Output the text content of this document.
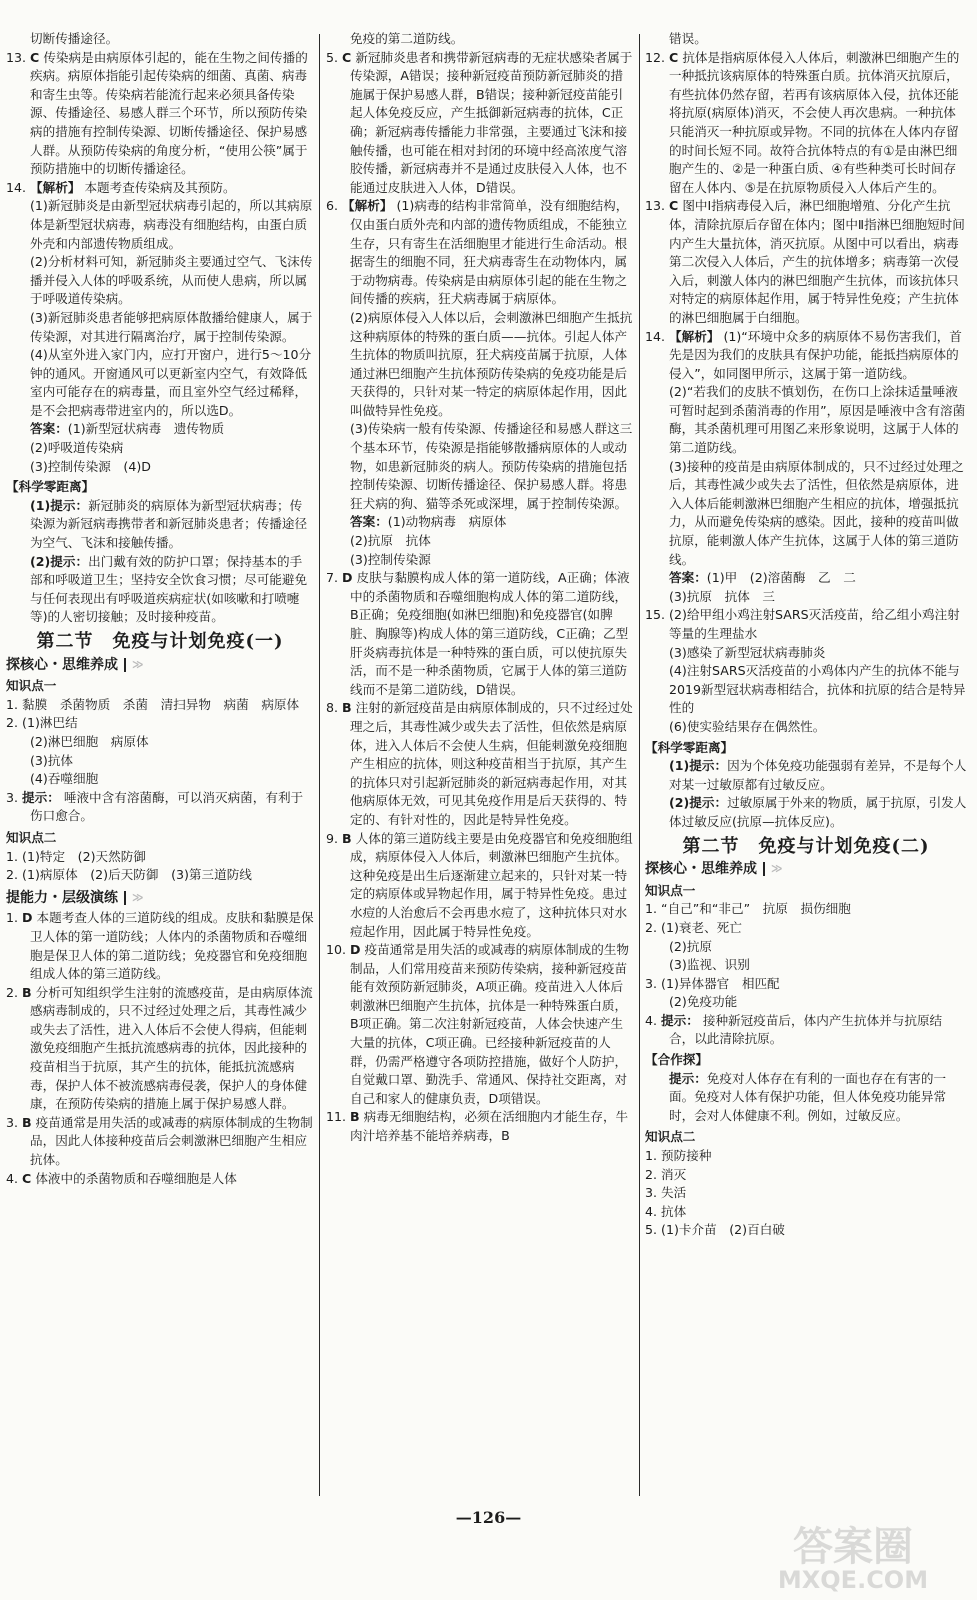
切断传播途径。

13. C 传染病是由病原体引起的，能在生物之间传播的疾病。病原体指能引起传染病的细菌、真菌、病毒和寄生虫等。传染病若能流行起来必须具备传染源、传播途径、易感人群三个环节，所以预防传染病的措施有控制传染源、切断传播途径、保护易感人群。从预防传染病的角度分析，“使用公筷”属于预防措施中的切断传播途径。

14. 【解析】 本题考查传染病及其预防。

(1)新冠肺炎是由新型冠状病毒引起的，所以其病原体是新型冠状病毒，病毒没有细胞结构，由蛋白质外壳和内部遗传物质组成。

(2)分析材料可知，新冠肺炎主要通过空气、飞沫传播并侵入人体的呼吸系统，从而使人患病，所以属于呼吸道传染病。

(3)新冠肺炎患者能够把病原体散播给健康人，属于传染源，对其进行隔离治疗，属于控制传染源。

(4)从室外进入家门内，应打开窗户，进行5～10分钟的通风。开窗通风可以更新室内空气，有效降低室内可能存在的病毒量，而且室外空气经过稀释，是不会把病毒带进室内的，所以选D。

答案：(1)新型冠状病毒　遗传物质

(2)呼吸道传染病

(3)控制传染源　(4)D

【 科学零距离 】

(1)提示：新冠肺炎的病原体为新型冠状病毒；传染源为新冠病毒携带者和新冠肺炎患者；传播途径为空气、飞沫和接触传播。

(2)提示：出门戴有效的防护口罩；保持基本的手部和呼吸道卫生；坚持安全饮食习惯；尽可能避免与任何表现出有呼吸道疾病症状(如咳嗽和打喷嚏等)的人密切接触；及时接种疫苗。

第二节　免疫与计划免疫(一)
探核心・思维养成 ≫
知识点一

1. 黏膜　杀菌物质　杀菌　清扫异物　病菌　病原体

2. (1)淋巴结

(2)淋巴细胞　病原体

(3)抗体

(4)吞噬细胞

3. 提示： 唾液中含有溶菌酶，可以消灭病菌，有利于伤口愈合。

知识点二

1. (1)特定　(2)天然防御

2. (1)病原体　(2)后天防御　(3)第三道防线

提能力・层级演练 ≫

1. D 本题考查人体的三道防线的组成。皮肤和黏膜是保卫人体的第一道防线；人体内的杀菌物质和吞噬细胞是保卫人体的第二道防线；免疫器官和免疫细胞组成人体的第三道防线。

2. B 分析可知组织学生注射的流感疫苗，是由病原体流感病毒制成的，只不过经过处理之后，其毒性减少或失去了活性，进入人体后不会使人得病，但能刺激免疫细胞产生抵抗流感病毒的抗体，因此接种的疫苗相当于抗原，其产生的抗体，能抵抗流感病毒，保护人体不被流感病毒侵袭，保护人的身体健康，在预防传染病的措施上属于保护易感人群。

3. B 疫苗通常是用失活的或减毒的病原体制成的生物制品，因此人体接种疫苗后会刺激淋巴细胞产生相应抗体。

4. C 体液中的杀菌物质和吞噬细胞是人体

免疫的第二道防线。

5. C 新冠肺炎患者和携带新冠病毒的无症状感染者属于传染源，A错误；接种新冠疫苗预防新冠肺炎的措施属于保护易感人群，B错误；接种新冠疫苗能引起人体免疫反应，产生抵御新冠病毒的抗体，C正确；新冠病毒传播能力非常强，主要通过飞沫和接触传播，也可能在相对封闭的环境中经高浓度气溶胶传播，新冠病毒并不是通过皮肤侵入人体，也不能通过皮肤进入人体，D错误。

6. 【解析】 (1)病毒的结构非常简单，没有细胞结构，仅由蛋白质外壳和内部的遗传物质组成，不能独立生存，只有寄生在活细胞里才能进行生命活动。根据寄生的细胞不同，狂犬病毒寄生在动物体内，属于动物病毒。传染病是由病原体引起的能在生物之间传播的疾病，狂犬病毒属于病原体。

(2)病原体侵入人体以后，会刺激淋巴细胞产生抵抗这种病原体的特殊的蛋白质——抗体。引起人体产生抗体的物质叫抗原，狂犬病疫苗属于抗原，人体通过淋巴细胞产生抗体预防传染病的免疫功能是后天获得的，只针对某一特定的病原体起作用，因此叫做特异性免疫。

(3)传染病一般有传染源、传播途径和易感人群这三个基本环节，传染源是指能够散播病原体的人或动物，如患新冠肺炎的病人。预防传染病的措施包括控制传染源、切断传播途径、保护易感人群。将患狂犬病的狗、猫等杀死或深埋，属于控制传染源。

答案：(1)动物病毒　病原体

(2)抗原　抗体

(3)控制传染源

7. D 皮肤与黏膜构成人体的第一道防线，A正确；体液中的杀菌物质和吞噬细胞构成人体的第二道防线，B正确；免疫细胞(如淋巴细胞)和免疫器官(如脾脏、胸腺等)构成人体的第三道防线，C正确；乙型肝炎病毒抗体是一种特殊的蛋白质，可以使抗原失活，而不是一种杀菌物质，它属于人体的第三道防线而不是第二道防线，D错误。

8. B 注射的新冠疫苗是由病原体制成的，只不过经过处理之后，其毒性减少或失去了活性，但依然是病原体，进入人体后不会使人生病，但能刺激免疫细胞产生相应的抗体，则这种疫苗相当于抗原，其产生的抗体只对引起新冠肺炎的新冠病毒起作用，对其他病原体无效，可见其免疫作用是后天获得的、特定的、有针对性的，因此是特异性免疫。

9. B 人体的第三道防线主要是由免疫器官和免疫细胞组成，病原体侵入人体后，刺激淋巴细胞产生抗体。这种免疫是出生后逐渐建立起来的，只针对某一特定的病原体或异物起作用，属于特异性免疫。患过水痘的人治愈后不会再患水痘了，这种抗体只对水痘起作用，因此属于特异性免疫。

10. D 疫苗通常是用失活的或减毒的病原体制成的生物制品，人们常用疫苗来预防传染病，接种新冠疫苗能有效预防新冠肺炎，A项正确。疫苗进入人体后刺激淋巴细胞产生抗体，抗体是一种特殊蛋白质，B项正确。第二次注射新冠疫苗，人体会快速产生大量的抗体，C项正确。已经接种新冠疫苗的人群，仍需严格遵守各项防控措施，做好个人防护，自觉戴口罩、勤洗手、常通风、保持社交距离，对自己和家人的健康负责，D项错误。

11. B 病毒无细胞结构，必须在活细胞内才能生存，牛肉汁培养基不能培养病毒，B

错误。

12. C 抗体是指病原体侵入人体后，刺激淋巴细胞产生的一种抵抗该病原体的特殊蛋白质。抗体消灭抗原后，有些抗体仍然存留，若再有该病原体入侵，抗体还能将抗原(病原体)消灭，不会使人再次患病。一种抗体只能消灭一种抗原或异物。不同的抗体在人体内存留的时间长短不同。故符合抗体特点的有①是由淋巴细胞产生的、②是一种蛋白质、④有些种类可长时间存留在人体内、⑤是在抗原物质侵入人体后产生的。

13. C 图中Ⅰ指病毒侵入后，淋巴细胞增殖、分化产生抗体，清除抗原后存留在体内；图中Ⅱ指淋巴细胞短时间内产生大量抗体，消灭抗原。从图中可以看出，病毒第二次侵入人体后，产生的抗体增多；病毒第一次侵入后，刺激人体内的淋巴细胞产生抗体，而该抗体只对特定的病原体起作用，属于特异性免疫；产生抗体的淋巴细胞属于白细胞。

14. 【解析】 (1)“环境中众多的病原体不易伤害我们，首先是因为我们的皮肤具有保护功能，能抵挡病原体的侵入”，如同图甲所示，这属于第一道防线。

(2)“若我们的皮肤不慎划伤，在伤口上涂抹适量唾液可暂时起到杀菌消毒的作用”，原因是唾液中含有溶菌酶，其杀菌机理可用图乙来形象说明，这属于人体的第二道防线。

(3)接种的疫苗是由病原体制成的，只不过经过处理之后，其毒性减少或失去了活性，但依然是病原体，进入人体后能刺激淋巴细胞产生相应的抗体，增强抵抗力，从而避免传染病的感染。因此，接种的疫苗叫做抗原，能刺激人体产生抗体，这属于人体的第三道防线。

答案：(1)甲　(2)溶菌酶　乙　二

(3)抗原　抗体　三

15. (2)给甲组小鸡注射SARS灭活疫苗，给乙组小鸡注射等量的生理盐水

(3)感染了新型冠状病毒肺炎

(4)注射SARS灭活疫苗的小鸡体内产生的抗体不能与2019新型冠状病毒相结合，抗体和抗原的结合是特异性的

(6)使实验结果存在偶然性。

【 科学零距离 】

(1)提示：因为个体免疫功能强弱有差异，不是每个人对某一过敏原都有过敏反应。

(2)提示：过敏原属于外来的物质，属于抗原，引发人体过敏反应(抗原—抗体反应)。

第二节　免疫与计划免疫(二)
探核心・思维养成 ≫
知识点一

1. “自己”和“非己”　抗原　损伤细胞

2. (1)衰老、死亡

(2)抗原

(3)监视、识别

3. (1)异体器官　相匹配

(2)免疫功能

4. 提示： 接种新冠疫苗后，体内产生抗体并与抗原结合，以此清除抗原。

【 合作探 】

提示：免疫对人体存在有利的一面也存在有害的一面。免疫对人体有保护功能，但人体免疫功能异常时，会对人体健康不利。例如，过敏反应。

知识点二

1. 预防接种

2. 消灭

3. 失活

4. 抗体

5. (1)卡介苗　(2)百白破

—126—
答案圈
MXQE.COM
